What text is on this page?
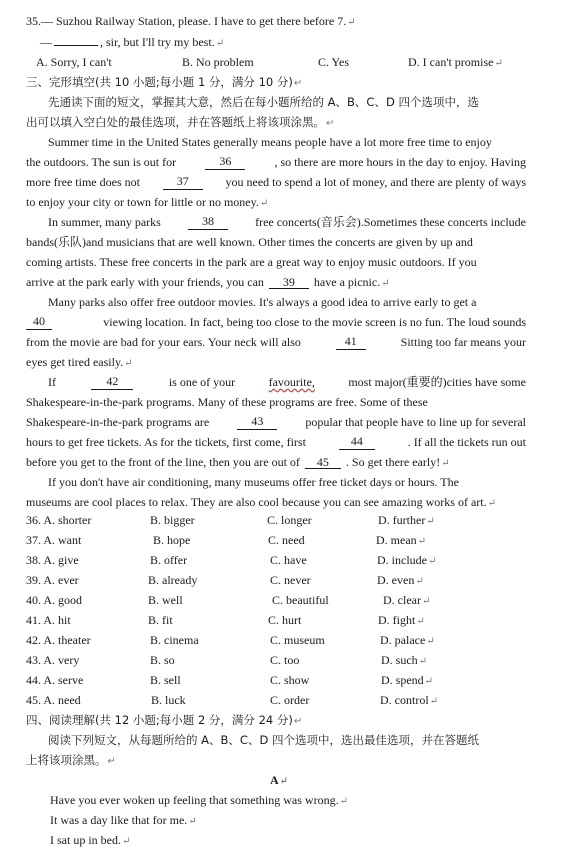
35.— Suzhou Railway Station, please. I have to get there before 7.↵
—	, sir, but I'll try my best.↵
A. Sorry, I can't	B. No problem	C. Yes	D. I can't promise↵
三、完形填空(共 10 小题;每小题 1 分，满分 10 分)↵
先通读下面的短文，掌握其大意，然后在每小题所给的 A、B、C、D 四个选项中，选
出可以填入空白处的最佳选项，并在答题纸上将该项涂黑。↵
Summer time in the United States generally means people have a lot more free time to enjoy
the outdoors. The sun is out for	36	, so there are more hours in the day to enjoy. Having
more free time does not	37	you need to spend a lot of money, and there are plenty of ways
to enjoy your city or town for little or no money.↵
In summer, many parks	38	free concerts(音乐会).Sometimes these concerts include
bands(乐队)and musicians that are well known. Other times the concerts are given by up and
coming artists. These free concerts in the park are a great way to enjoy music outdoors. If you
arrive at the park early with your friends, you can 39 have a picnic.↵
Many parks also offer free outdoor movies. It's always a good idea to arrive early to get a
40	viewing location. In fact, being too close to the movie screen is no fun. The loud sounds
from the movie are bad for your ears. Your neck will also	41	Sitting too far means your
eyes get tired easily.↵
If	42	is one of your	favourite,	most major(重要的)cities have some
Shakespeare-in-the-park programs. Many of these programs are free. Some of these
Shakespeare-in-the-park programs are	43	popular that people have to line up for several
hours to get free tickets. As for the tickets, first come, first	44	. If all the tickets run out
before you get to the front of the line, then you are out of 45 . So get there early!↵
If you don't have air conditioning, many museums offer free ticket days or hours. The
museums are cool places to relax. They are also cool because you can see amazing works of art.↵
36. A. shorter	B. bigger	C. longer	D. further↵
37. A. want	B. hope	C. need	D. mean↵
38. A. give	B. offer	C. have	D. include↵
39. A. ever	B. already	C. never	D. even↵
40. A. good	B. well	C. beautiful	D. clear↵
41. A. hit	B. fit	C. hurt	D. fight↵
42. A. theater	B. cinema	C. museum	D. palace↵
43. A. very	B. so	C. too	D. such↵
44. A. serve	B. sell	C. show	D. spend↵
45. A. need	B. luck	C. order	D. control↵
四、阅读理解(共 12 小题;每小题 2 分，满分 24 分)↵
阅读下列短文，从每题所给的 A、B、C、D 四个选项中，选出最佳选项，并在答题纸
上将该项涂黑。↵
A↵
Have you ever woken up feeling that something was wrong.↵
It was a day like that for me.↵
I sat up in bed.↵
